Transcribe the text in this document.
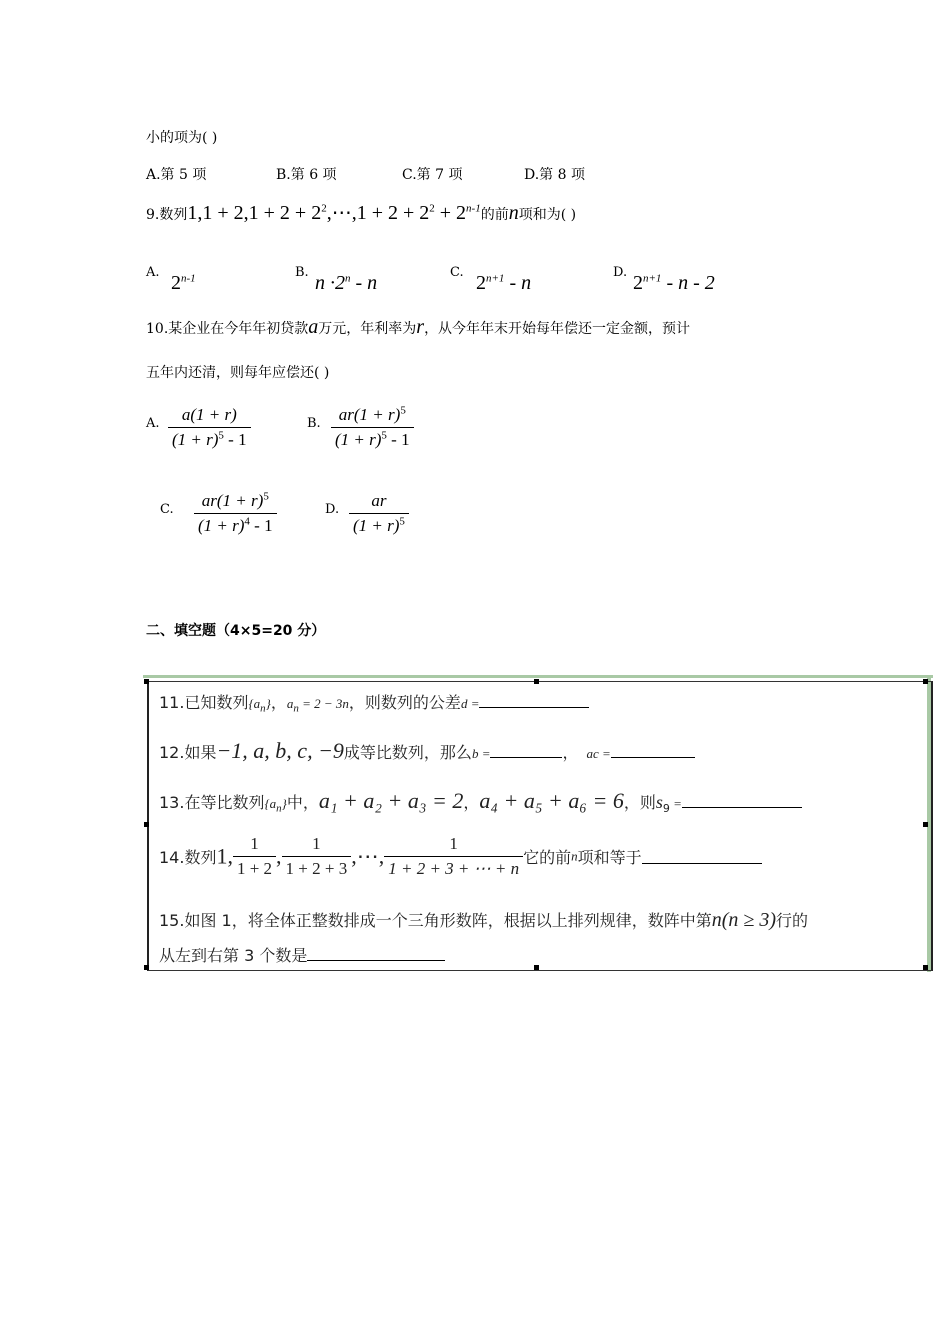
小的项为( )
A.第 5 项	B.第 6 项	C.第 7 项	D.第 8 项
9.数列$1,1 + 2,1 + 2 + 2^2,\cdots,1 + 2 + 2^2 + 2^{n-1}$的前n项和为( )
A. 2$^{n-1}$	B. $n \cdot 2^n - n$	C. $2^{n+1}$ - n	D. $2^{n+1}$ - n - 2
10.某企业在今年年初贷款a万元，年利率为r，从今年年末开始每年偿还一定金额，预计
五年内还清，则每年应偿还( )
A. $\frac{a(1 + r)}{(1 + r)^5 - 1}$	B. $\frac{ar(1 + r)^5}{(1 + r)^5 - 1}$
C. $\frac{ar(1 + r)^5}{(1 + r)^4 - 1}$	D. $\frac{ar}{(1 + r)^5}$
二、填空题（4×5=20 分）
11.已知数列$\{a_n\}$，$a_n = 2 - 3n$，则数列的公差d =
12.如果−1, a, b, c, −9成等比数列，那么b =	， ac =
13.在等比数列$\{a_n\}$中，a₁ + a₂ + a₃ = 2，a₄ + a₅ + a₆ = 6，则$s_9$ =
14.数列1, $\frac{1}{1 + 2}$ , $\frac{1}{1 + 2 + 3}$ ,⋯, $\frac{1}{1 + 2 + 3 + \cdots + n}$ 它的前n项和等于
15.如图 1，将全体正整数排成一个三角形数阵，根据以上排列规律，数阵中第n(n ≥ 3)行的
从左到右第 3 个数是
